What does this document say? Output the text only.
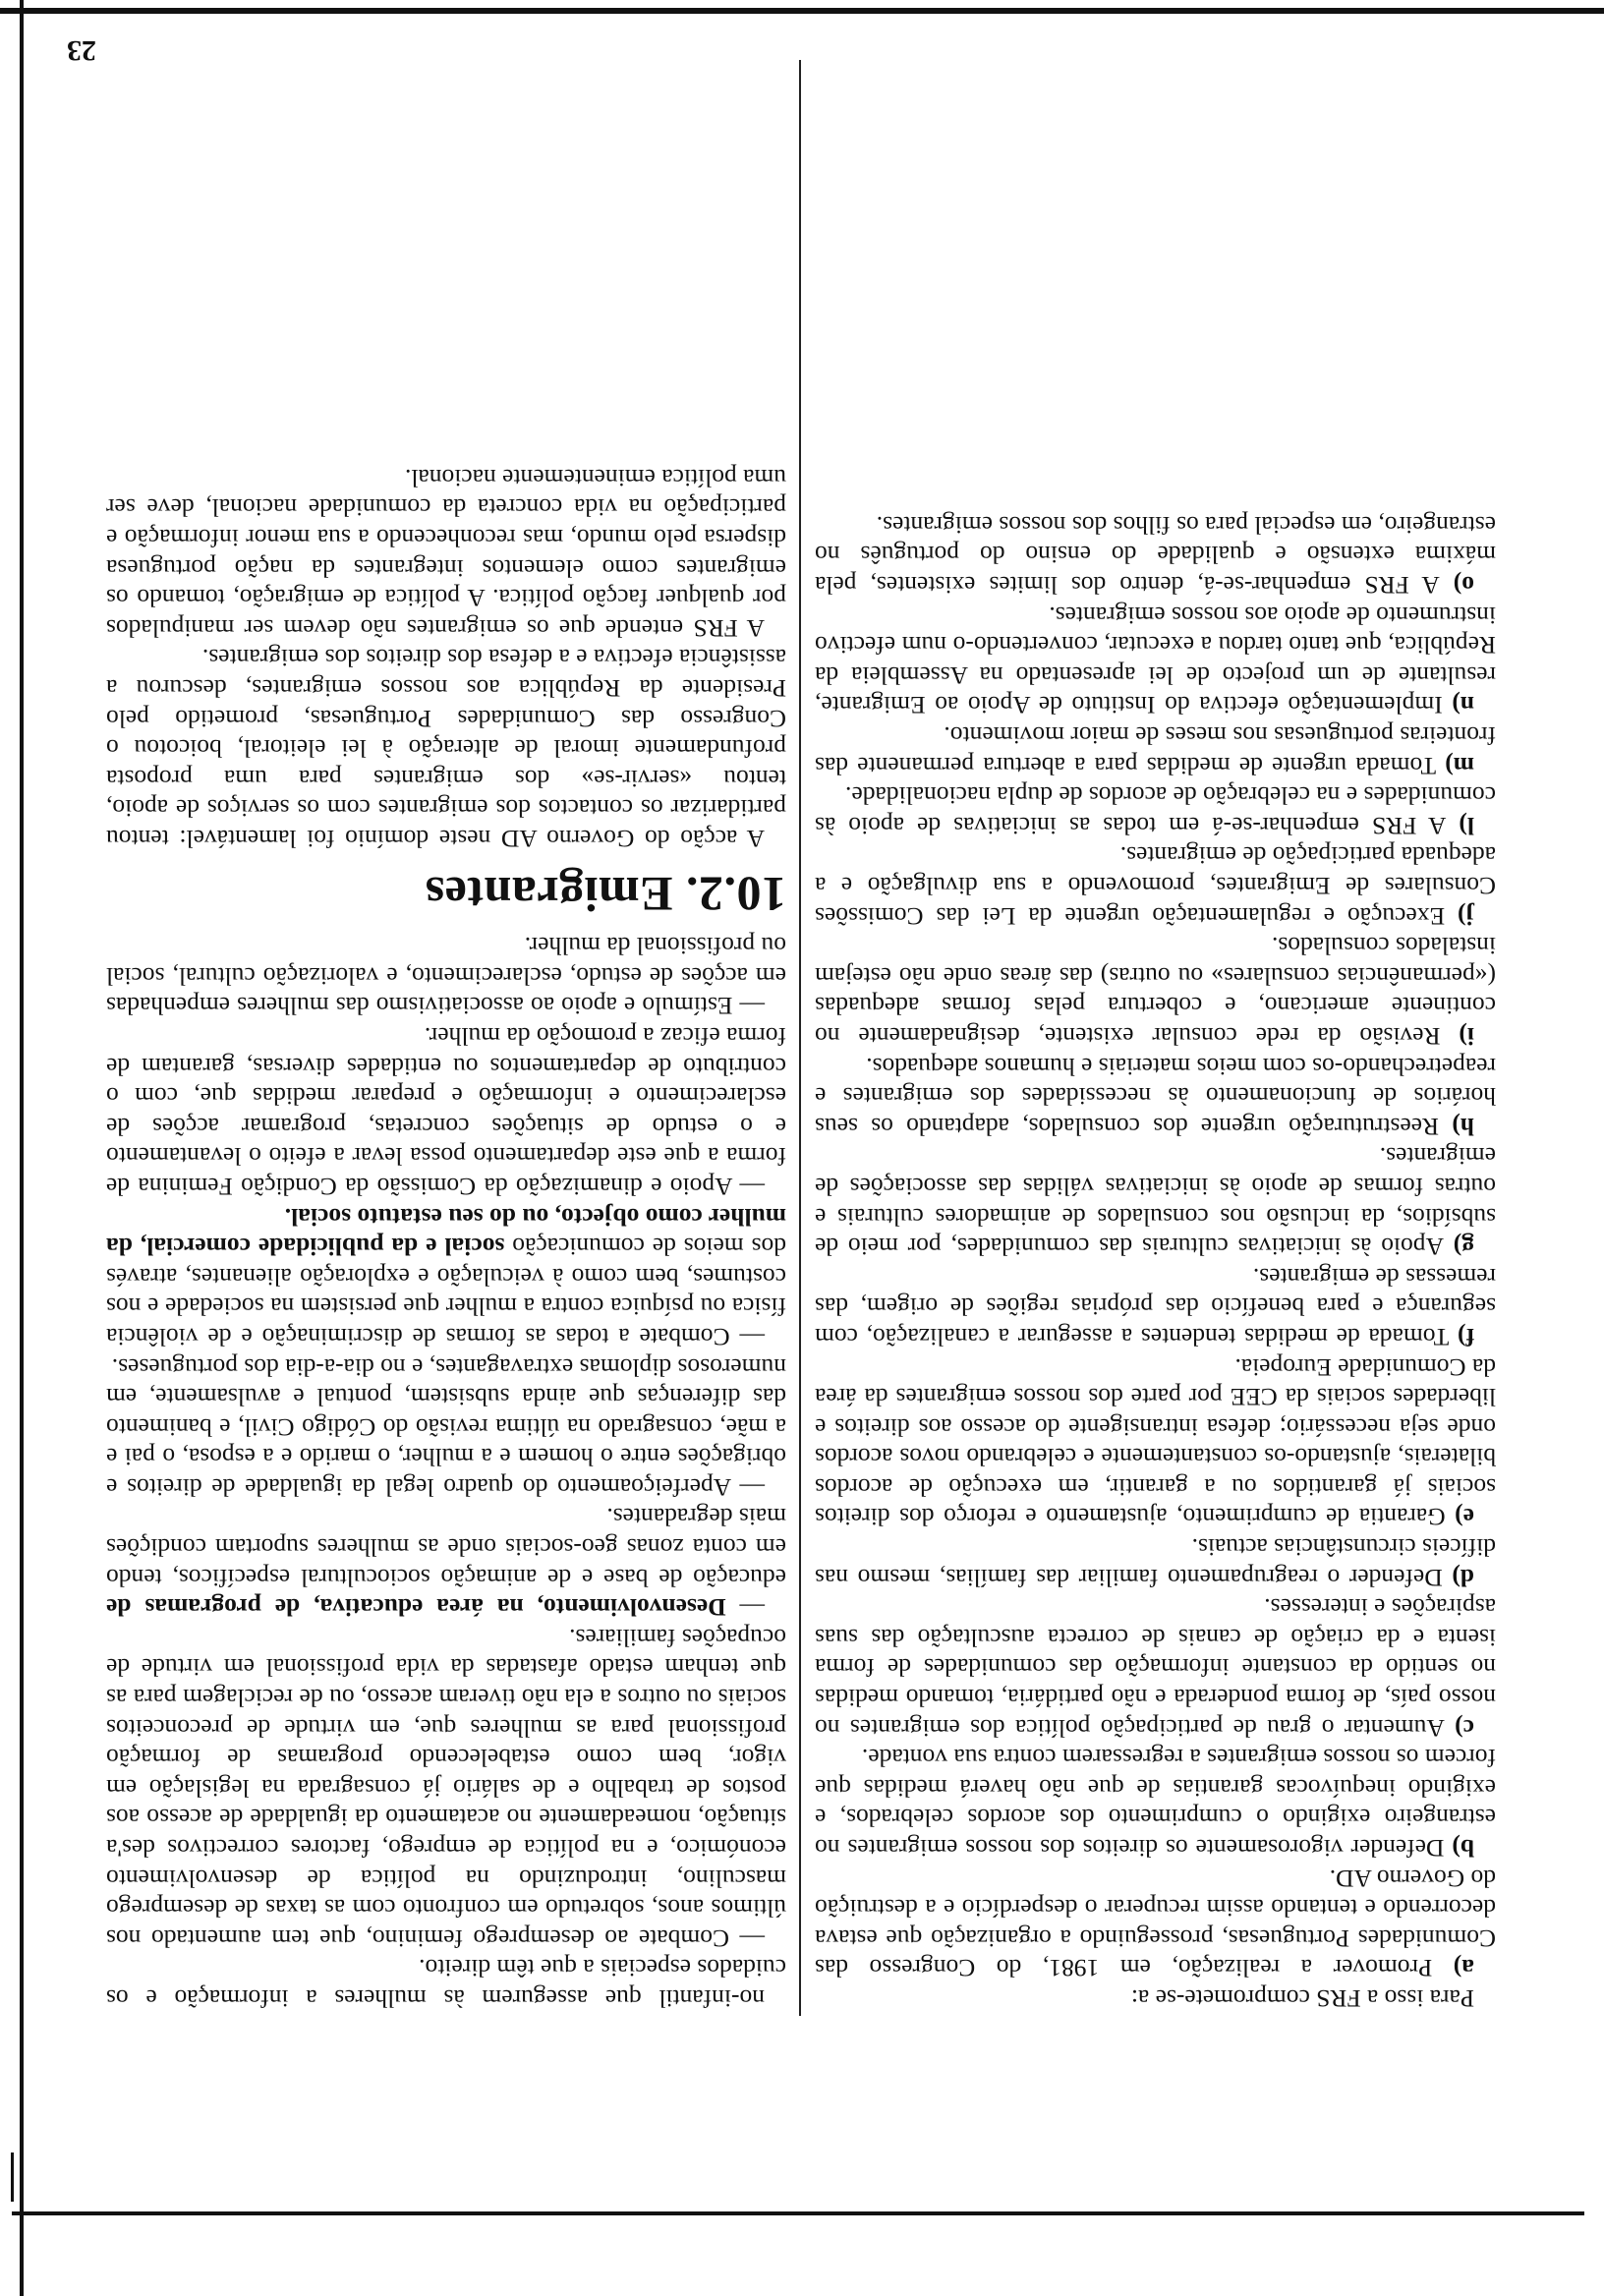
23

Para isso a FRS compromete-se a:

a) Promover a realização, em 1981, do Congresso das Comunidades Portuguesas, prosseguindo a organização que estava decorrendo e tentando assim recuperar o desperdício e a destruição do Governo AD.

b) Defender vigorosamente os direitos dos nossos emigrantes no estrangeiro exigindo o cumprimento dos acordos celebrados, e exigindo inequívocas garantias de que não haverá medidas que forcem os nossos emigrantes a regressarem contra sua vontade.

c) Aumentar o grau de participação política dos emigrantes no nosso país, de forma ponderada e não partidária, tomando medidas no sentido da constante informação das comunidades de forma isenta e da criação de canais de correcta auscultação das suas aspirações e interesses.

d) Defender o reagrupamento familiar das famílias, mesmo nas difíceis circunstâncias actuais.

e) Garantia de cumprimento, ajustamento e reforço dos direitos sociais já garantidos ou a garantir, em execução de acordos bilaterais, ajustando-os constantemente e celebrando novos acordos onde seja necessário; defesa intransigente do acesso aos direitos e liberdades sociais da CEE por parte dos nossos emigrantes da área da Comunidade Europeia.

f) Tomada de medidas tendentes a assegurar a canalização, com segurança e para benefício das próprias regiões de origem, das remessas de emigrantes.

g) Apoio às iniciativas culturais das comunidades, por meio de subsídios, da inclusão nos consulados de animadores culturais e outras formas de apoio às iniciativas válidas das associações de emigrantes.

h) Reestruturação urgente dos consulados, adaptando os seus horários de funcionamento às necessidades dos emigrantes e reapetrechando-os com meios materiais e humanos adequados.

i) Revisão da rede consular existente, designadamente no continente americano, e cobertura pelas formas adequadas («permanências consulares» ou outras) das áreas onde não estejam instalados consulados.

j) Execução e regulamentação urgente da Lei das Comissões Consulares de Emigrantes, promovendo a sua divulgação e a adequada participação de emigrantes.

l) A FRS empenhar-se-á em todas as iniciativas de apoio às comunidades e na celebração de acordos de dupla nacionalidade.

m) Tomada urgente de medidas para a abertura permanente das fronteiras portuguesas nos meses de maior movimento.

n) Implementação efectiva do Instituto de Apoio ao Emigrante, resultante de um projecto de lei apresentado na Assembleia da República, que tanto tardou a executar, convertendo-o num efectivo instrumento de apoio aos nossos emigrantes.

o) A FRS empenhar-se-á, dentro dos limites existentes, pela máxima extensão e qualidade do ensino do português no estrangeiro, em especial para os filhos dos nossos emigrantes.

no-infantil que assegurem às mulheres a informação e os cuidados especiais a que têm direito.

— Combate ao desemprego feminino, que tem aumentado nos últimos anos, sobretudo em confronto com as taxas de desemprego masculino, introduzindo na política de desenvolvimento económico, e na política de emprego, factores correctivos des'a situação, nomeadamente no acatamento da igualdade de acesso aos postos de trabalho e de salário já consagrada na legislação em vigor, bem como estabelecendo programas de formação profissional para as mulheres que, em virtude de preconceitos sociais ou outros a ela não tiveram acesso, ou de reciclagem para as que tenham estado afastadas da vida profissional em virtude de ocupações familiares.

— Desenvolvimento, na área educativa, de programas de educação de base e de animação sociocultural específicos, tendo em conta zonas geo-sociais onde as mulheres suportam condições mais degradantes.

— Aperfeiçoamento do quadro legal da igualdade de direitos e obrigações entre o homem e a mulher, o marido e a esposa, o pai e a mãe, consagrado na última revisão do Código Civil, e banimento das diferenças que ainda subsistem, pontual e avulsamente, em numerosos diplomas extravagantes, e no dia-a-dia dos portugueses.

— Combate a todas as formas de discriminação e de violência física ou psíquica contra a mulher que persistem na sociedade e nos costumes, bem como à veiculação e exploração alienantes, através dos meios de comunicação social e da publicidade comercial, da mulher como objecto, ou do seu estatuto social.

— Apoio e dinamização da Comissão da Condição Feminina de forma a que este departamento possa levar a efeito o levantamento e o estudo de situações concretas, programar acções de esclarecimento e informação e preparar medidas que, com o contributo de departamentos ou entidades diversas, garantam de forma eficaz a promoção da mulher.

— Estímulo e apoio ao associativismo das mulheres empenhadas em acções de estudo, esclarecimento, e valorização cultural, social ou profissional da mulher.

10.2. Emigrantes

A acção do Governo AD neste domínio foi lamentável: tentou partidarizar os contactos dos emigrantes com os serviços de apoio, tentou «servir-se» dos emigrantes para uma proposta profundamente imoral de alteração à lei eleitoral, boicotou o Congresso das Comunidades Portuguesas, prometido pelo Presidente da República aos nossos emigrantes, descurou a assistência efectiva e a defesa dos direitos dos emigrantes.

A FRS entende que os emigrantes não devem ser manipulados por qualquer facção política. A política de emigração, tomando os emigrantes como elementos integrantes da nação portuguesa dispersa pelo mundo, mas reconhecendo a sua menor informação e participação na vida concreta da comunidade nacional, deve ser uma política eminentemente nacional.
